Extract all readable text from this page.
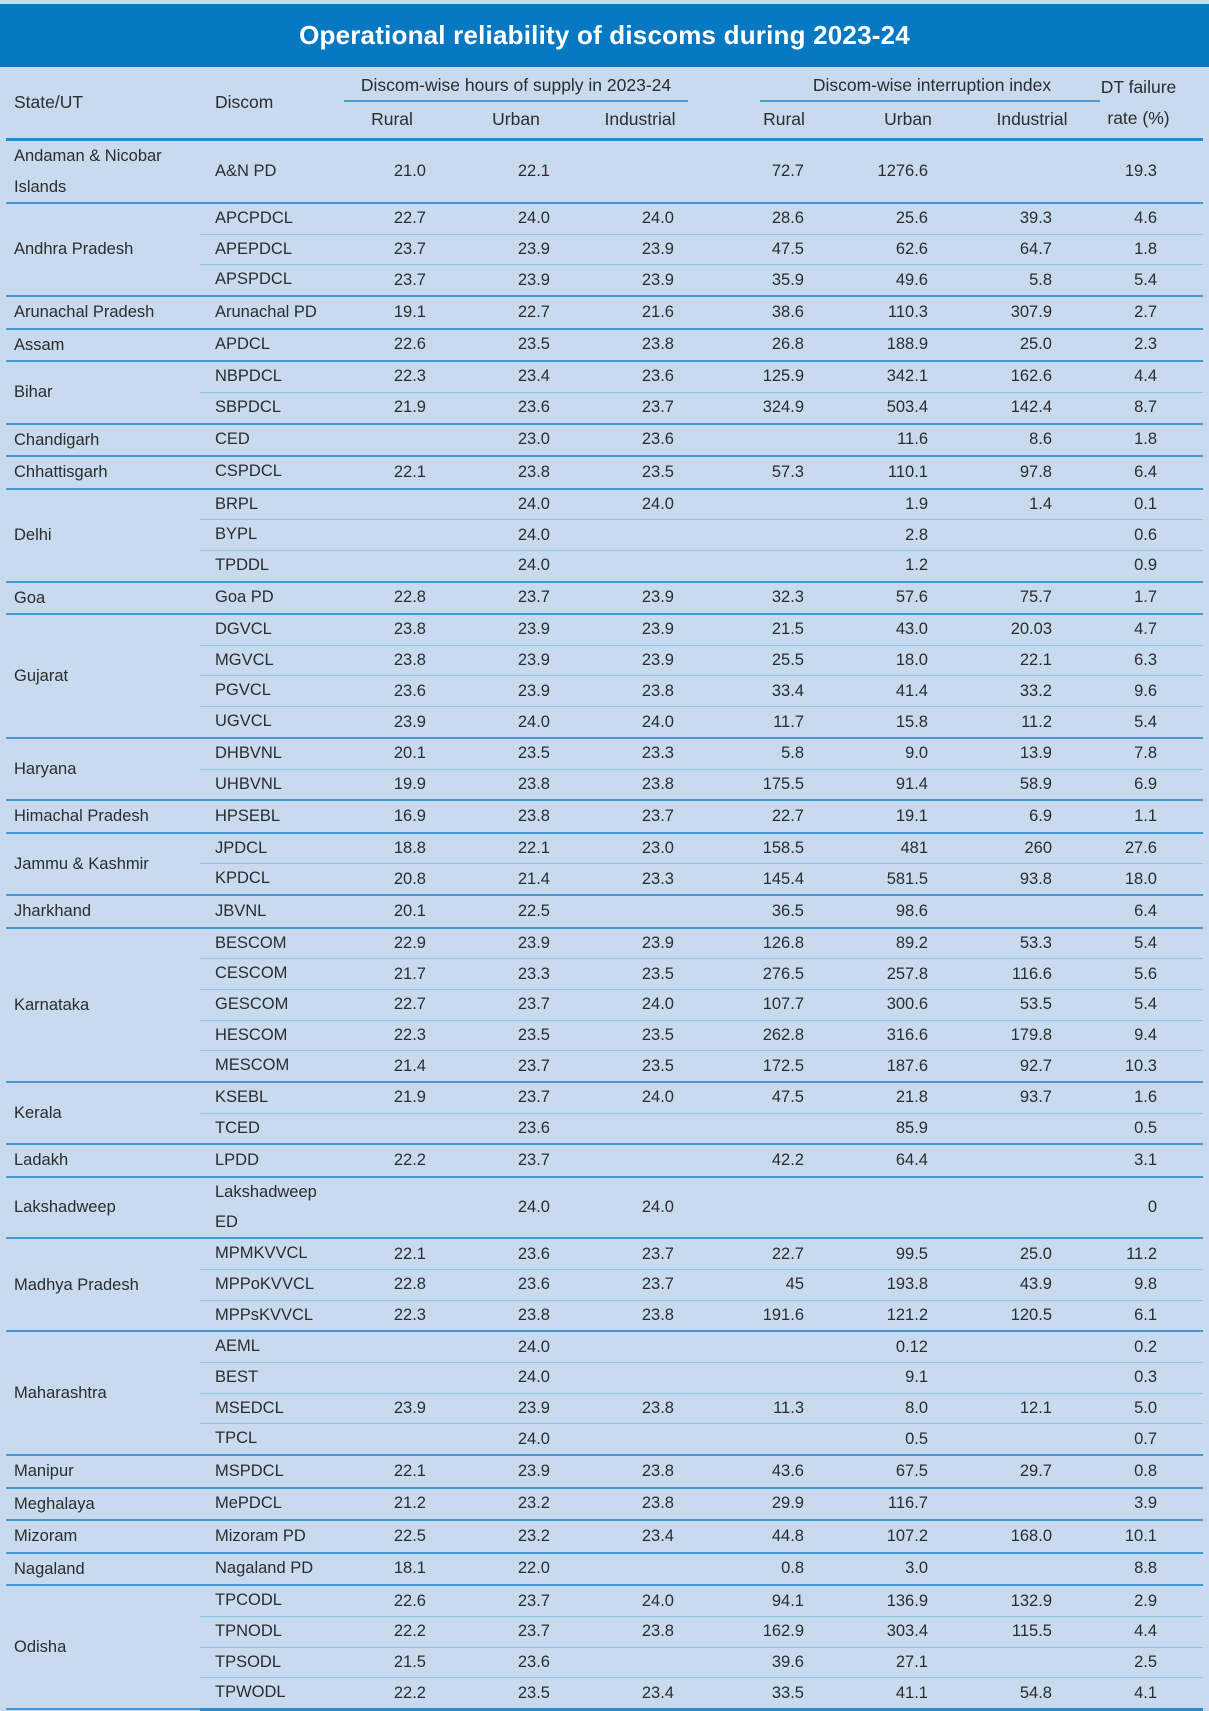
Operational reliability of discoms during 2023-24
State/UT	Discom
Discom-wise hours of supply in 2023-24
Rural	Urban	Industrial
Discom-wise interruption index
Rural	Urban	Industrial
DT failure
rate (%)
Andaman & Nicobar Islands	A&N PD	21.0	22.1		72.7	1276.6		19.3
Andhra Pradesh	APCPDCL	22.7	24.0	24.0	28.6	25.6	39.3	4.6
	APEPDCL	23.7	23.9	23.9	47.5	62.6	64.7	1.8
	APSPDCL	23.7	23.9	23.9	35.9	49.6	5.8	5.4
Arunachal Pradesh	Arunachal PD	19.1	22.7	21.6	38.6	110.3	307.9	2.7
Assam	APDCL	22.6	23.5	23.8	26.8	188.9	25.0	2.3
Bihar	NBPDCL	22.3	23.4	23.6	125.9	342.1	162.6	4.4
	SBPDCL	21.9	23.6	23.7	324.9	503.4	142.4	8.7
Chandigarh	CED		23.0	23.6		11.6	8.6	1.8
Chhattisgarh	CSPDCL	22.1	23.8	23.5	57.3	110.1	97.8	6.4
Delhi	BRPL		24.0	24.0		1.9	1.4	0.1
	BYPL		24.0			2.8		0.6
	TPDDL		24.0			1.2		0.9
Goa	Goa PD	22.8	23.7	23.9	32.3	57.6	75.7	1.7
Gujarat	DGVCL	23.8	23.9	23.9	21.5	43.0	20.03	4.7
	MGVCL	23.8	23.9	23.9	25.5	18.0	22.1	6.3
	PGVCL	23.6	23.9	23.8	33.4	41.4	33.2	9.6
	UGVCL	23.9	24.0	24.0	11.7	15.8	11.2	5.4
Haryana	DHBVNL	20.1	23.5	23.3	5.8	9.0	13.9	7.8
	UHBVNL	19.9	23.8	23.8	175.5	91.4	58.9	6.9
Himachal Pradesh	HPSEBL	16.9	23.8	23.7	22.7	19.1	6.9	1.1
Jammu & Kashmir	JPDCL	18.8	22.1	23.0	158.5	481	260	27.6
	KPDCL	20.8	21.4	23.3	145.4	581.5	93.8	18.0
Jharkhand	JBVNL	20.1	22.5		36.5	98.6		6.4
Karnataka	BESCOM	22.9	23.9	23.9	126.8	89.2	53.3	5.4
	CESCOM	21.7	23.3	23.5	276.5	257.8	116.6	5.6
	GESCOM	22.7	23.7	24.0	107.7	300.6	53.5	5.4
	HESCOM	22.3	23.5	23.5	262.8	316.6	179.8	9.4
	MESCOM	21.4	23.7	23.5	172.5	187.6	92.7	10.3
Kerala	KSEBL	21.9	23.7	24.0	47.5	21.8	93.7	1.6
	TCED		23.6			85.9		0.5
Ladakh	LPDD	22.2	23.7		42.2	64.4		3.1
Lakshadweep	Lakshadweep ED		24.0	24.0				0
Madhya Pradesh	MPMKVVCL	22.1	23.6	23.7	22.7	99.5	25.0	11.2
	MPPoKVVCL	22.8	23.6	23.7	45	193.8	43.9	9.8
	MPPsKVVCL	22.3	23.8	23.8	191.6	121.2	120.5	6.1
Maharashtra	AEML		24.0			0.12		0.2
	BEST		24.0			9.1		0.3
	MSEDCL	23.9	23.9	23.8	11.3	8.0	12.1	5.0
	TPCL		24.0			0.5		0.7
Manipur	MSPDCL	22.1	23.9	23.8	43.6	67.5	29.7	0.8
Meghalaya	MePDCL	21.2	23.2	23.8	29.9	116.7		3.9
Mizoram	Mizoram PD	22.5	23.2	23.4	44.8	107.2	168.0	10.1
Nagaland	Nagaland PD	18.1	22.0		0.8	3.0		8.8
Odisha	TPCODL	22.6	23.7	24.0	94.1	136.9	132.9	2.9
	TPNODL	22.2	23.7	23.8	162.9	303.4	115.5	4.4
	TPSODL	21.5	23.6		39.6	27.1		2.5
	TPWODL	22.2	23.5	23.4	33.5	41.1	54.8	4.1
